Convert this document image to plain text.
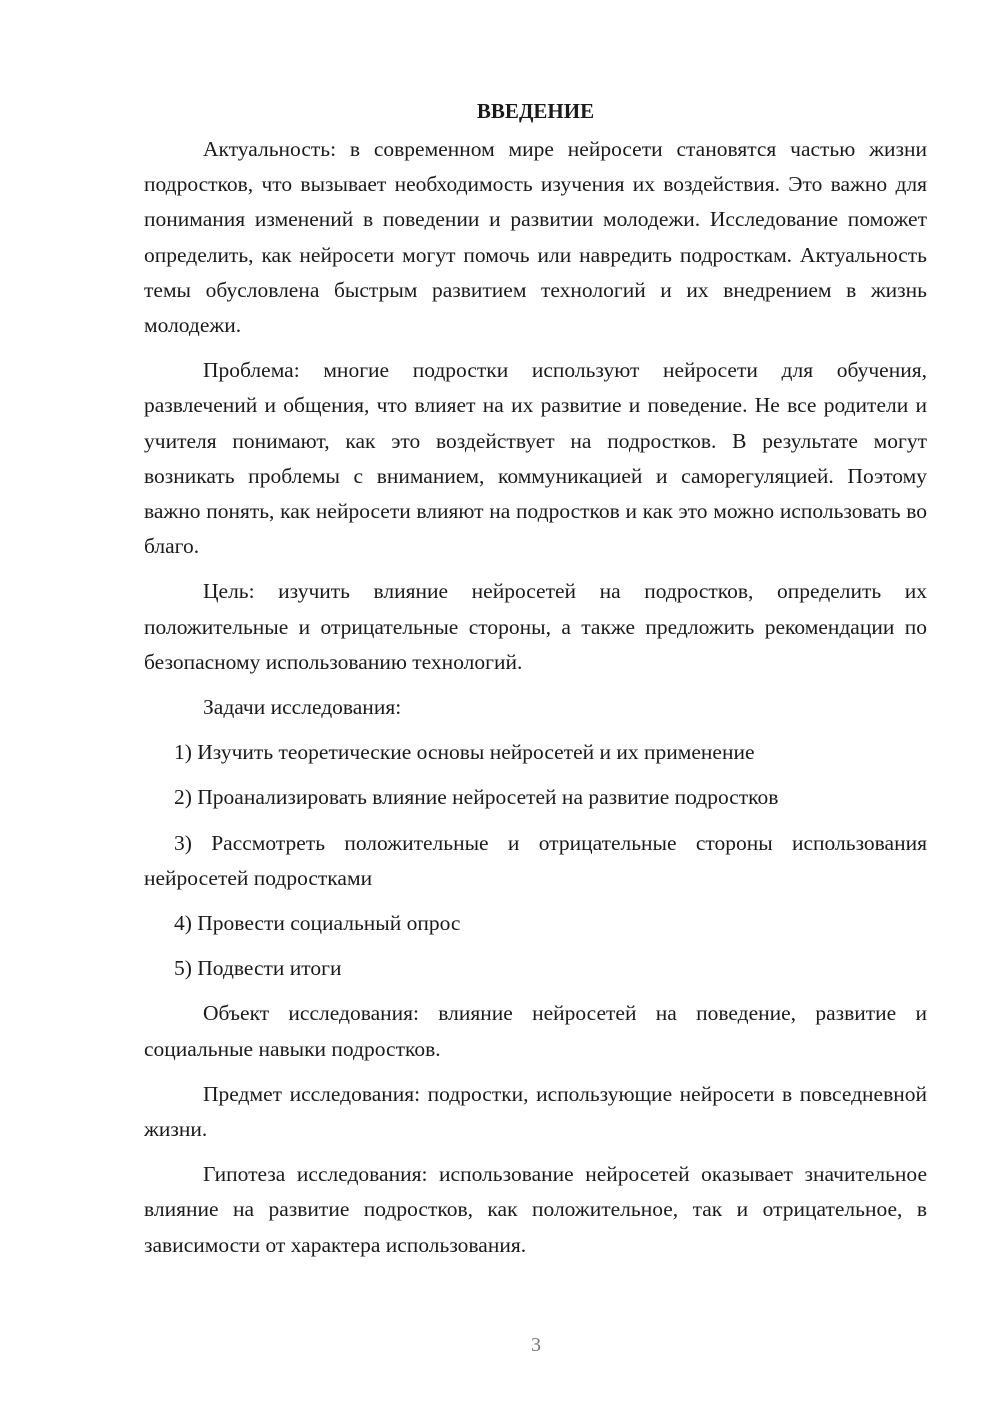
ВВЕДЕНИЕ

Актуальность: в современном мире нейросети становятся частью жизни подростков, что вызывает необходимость изучения их воздействия. Это важно для понимания изменений в поведении и развитии молодежи. Исследование поможет определить, как нейросети могут помочь или навредить подросткам. Актуальность темы обусловлена быстрым развитием технологий и их внедрением в жизнь молодежи.

Проблема: многие подростки используют нейросети для обучения, развлечений и общения, что влияет на их развитие и поведение. Не все родители и учителя понимают, как это воздействует на подростков. В результате могут возникать проблемы с вниманием, коммуникацией и саморегуляцией. Поэтому важно понять, как нейросети влияют на подростков и как это можно использовать во благо.

Цель: изучить влияние нейросетей на подростков, определить их положительные и отрицательные стороны, а также предложить рекомендации по безопасному использованию технологий.

Задачи исследования:

1) Изучить теоретические основы нейросетей и их применение

2) Проанализировать влияние нейросетей на развитие подростков

3) Рассмотреть положительные и отрицательные стороны использования нейросетей подростками

4) Провести социальный опрос

5) Подвести итоги

Объект исследования: влияние нейросетей на поведение, развитие и социальные навыки подростков.

Предмет исследования: подростки, использующие нейросети в повседневной жизни.

Гипотеза исследования: использование нейросетей оказывает значительное влияние на развитие подростков, как положительное, так и отрицательное, в зависимости от характера использования.

3
